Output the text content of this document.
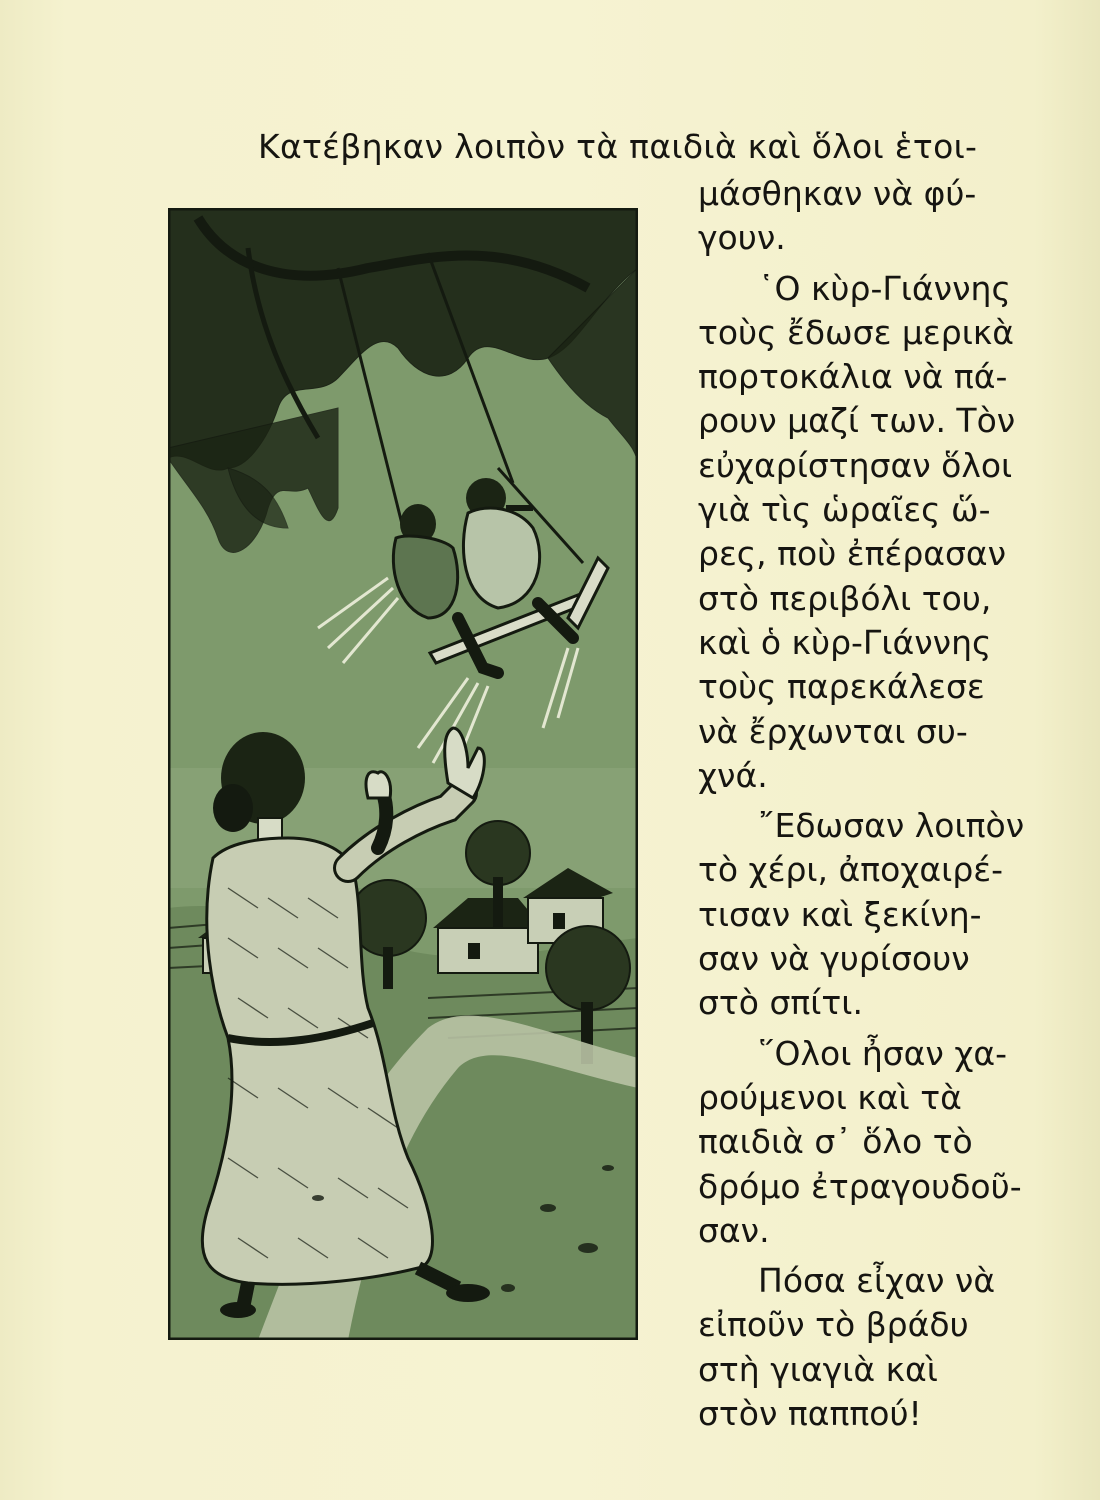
Κατέβηκαν λοιπὸν τὰ παιδιὰ καὶ ὅλοι ἑτοι-

μάσθηκαν νὰ φύ-
γουν.
῾Ο κὺρ-Γιάννης
τοὺς ἔδωσε μερικὰ
πορτοκάλια νὰ πά-
ρουν μαζί των. Τὸν
εὐχαρίστησαν ὅλοι
γιὰ τὶς ὡραῖες ὥ-
ρες, ποὺ ἐπέρασαν
στὸ περιβόλι του,
καὶ ὁ κὺρ-Γιάννης
τοὺς παρεκάλεσε
νὰ ἔρχωνται συ-
χνά.
῎Εδωσαν λοιπὸν
τὸ χέρι, ἀποχαιρέ-
τισαν καὶ ξεκίνη-
σαν νὰ γυρίσουν
στὸ σπίτι.
῞Ολοι ἦσαν χα-
ρούμενοι καὶ τὰ
παιδιὰ σ᾿ ὅλο τὸ
δρόμο ἐτραγουδοῦ-
σαν.
Πόσα εἶχαν νὰ
εἰποῦν τὸ βράδυ
στὴ γιαγιὰ καὶ
στὸν παππού!
